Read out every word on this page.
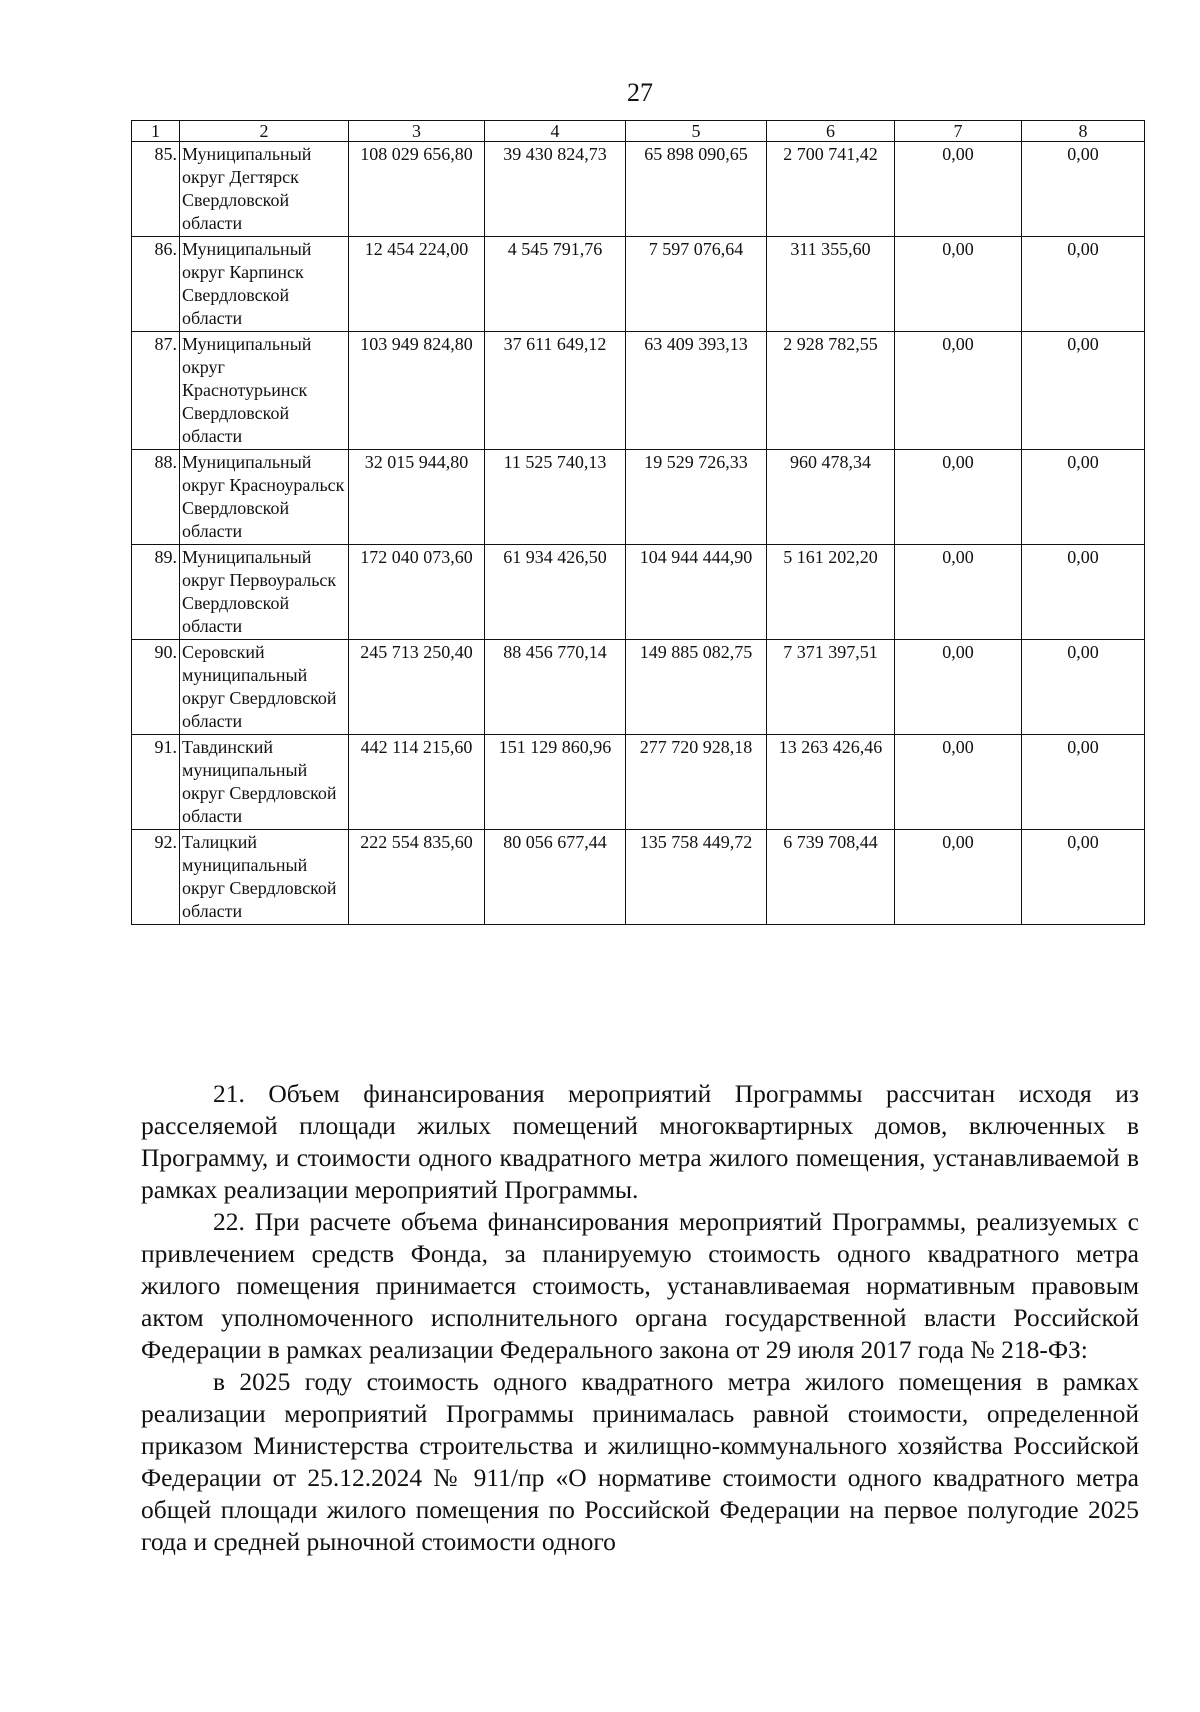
27
1	2	3	4	5	6	7	8
85.	Муниципальный округ Дегтярск Свердловской области	108 029 656,80	39 430 824,73	65 898 090,65	2 700 741,42	0,00	0,00
86.	Муниципальный округ Карпинск Свердловской области	12 454 224,00	4 545 791,76	7 597 076,64	311 355,60	0,00	0,00
87.	Муниципальный округ Краснотурьинск Свердловской области	103 949 824,80	37 611 649,12	63 409 393,13	2 928 782,55	0,00	0,00
88.	Муниципальный округ Красноуральск Свердловской области	32 015 944,80	11 525 740,13	19 529 726,33	960 478,34	0,00	0,00
89.	Муниципальный округ Первоуральск Свердловской области	172 040 073,60	61 934 426,50	104 944 444,90	5 161 202,20	0,00	0,00
90.	Серовский муниципальный округ Свердловской области	245 713 250,40	88 456 770,14	149 885 082,75	7 371 397,51	0,00	0,00
91.	Тавдинский муниципальный округ Свердловской области	442 114 215,60	151 129 860,96	277 720 928,18	13 263 426,46	0,00	0,00
92.	Талицкий муниципальный округ Свердловской области	222 554 835,60	80 056 677,44	135 758 449,72	6 739 708,44	0,00	0,00

21. Объем финансирования мероприятий Программы рассчитан исходя из расселяемой площади жилых помещений многоквартирных домов, включенных в Программу, и стоимости одного квадратного метра жилого помещения, устанавливаемой в рамках реализации мероприятий Программы.

22. При расчете объема финансирования мероприятий Программы, реализуемых с привлечением средств Фонда, за планируемую стоимость одного квадратного метра жилого помещения принимается стоимость, устанавливаемая нормативным правовым актом уполномоченного исполнительного органа государственной власти Российской Федерации в рамках реализации Федерального закона от 29 июля 2017 года № 218-ФЗ:

в 2025 году стоимость одного квадратного метра жилого помещения в рамках реализации мероприятий Программы принималась равной стоимости, определенной приказом Министерства строительства и жилищно-коммунального хозяйства Российской Федерации от 25.12.2024 № 911/пр «О нормативе стоимости одного квадратного метра общей площади жилого помещения по Российской Федерации на первое полугодие 2025 года и средней рыночной стоимости одного
